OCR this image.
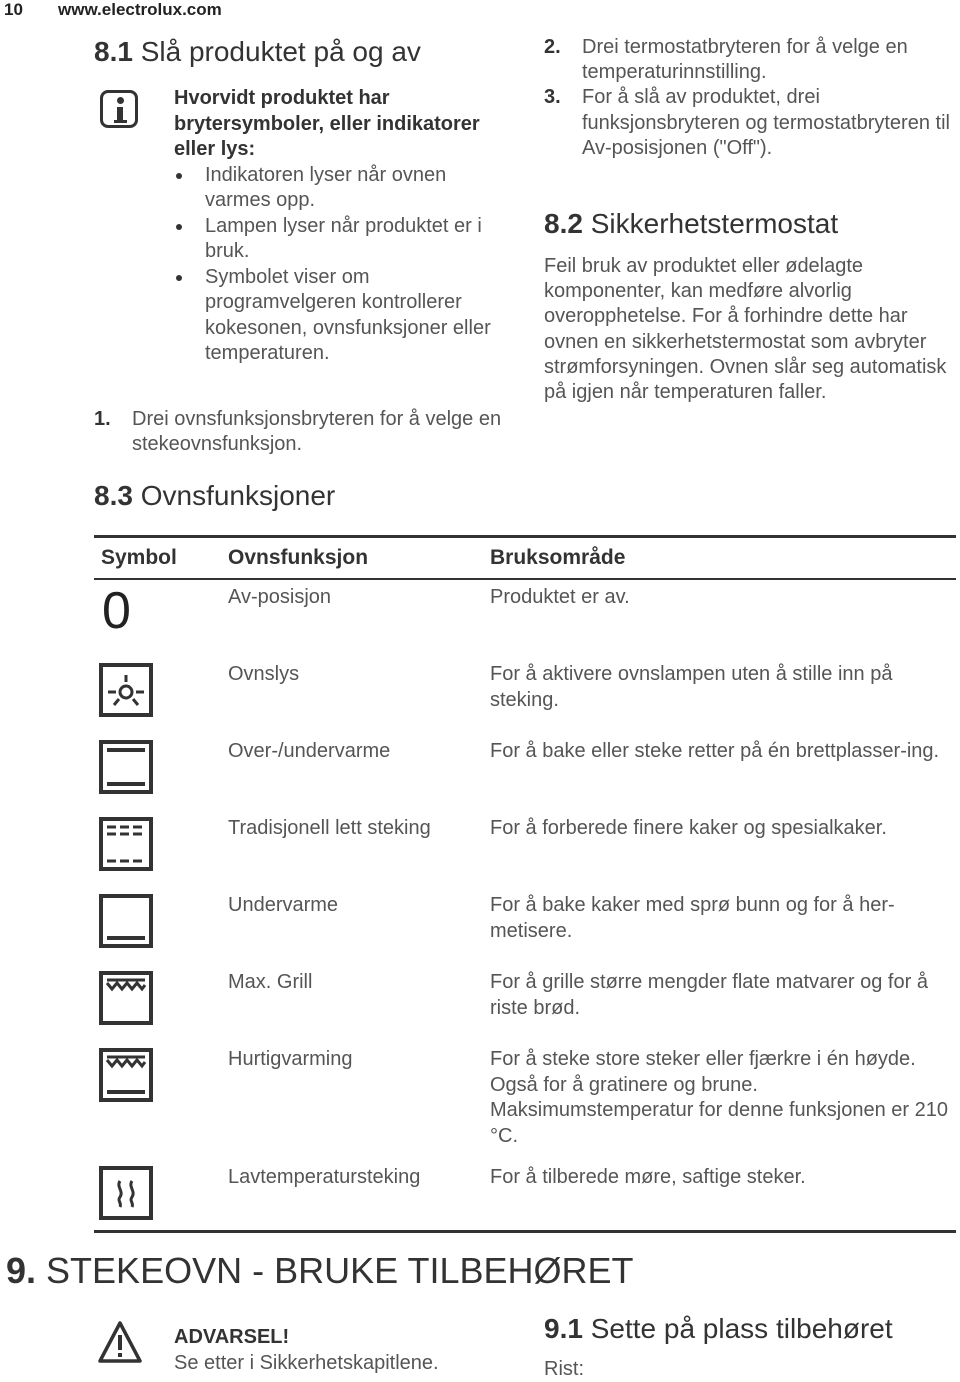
10 www.electrolux.com
8.1 Slå produktet på og av
Hvorvidt produktet har brytersymboler, eller indikatorer eller lys:
Indikatoren lyser når ovnen varmes opp.
Lampen lyser når produktet er i bruk.
Symbolet viser om programvelgeren kontrollerer kokesonen, ovnsfunksjoner eller temperaturen.
1. Drei ovnsfunksjonsbryteren for å velge en stekeovnsfunksjon.
2. Drei termostatbryteren for å velge en temperaturinnstilling.
3. For å slå av produktet, drei funksjonsbryteren og termostatbryteren til Av-posisjonen ("Off").
8.2 Sikkerhetstermostat
Feil bruk av produktet eller ødelagte komponenter, kan medføre alvorlig overopphetelse. For å forhindre dette har ovnen en sikkerhetstermostat som avbryter strømforsyningen. Ovnen slår seg automatisk på igjen når temperaturen faller.
8.3 Ovnsfunksjoner
Symbol Ovnsfunksjon	Bruksområde
0	Av-posisjon	Produktet er av.
Ovnslys	For å aktivere ovnslampen uten å stille inn på steking.
Over-/undervarme	For å bake eller steke retter på én brettplasser-ing.
Tradisjonell lett steking	For å forberede finere kaker og spesialkaker.
Undervarme	For å bake kaker med sprø bunn og for å her-metisere.
Max. Grill	For å grille større mengder flate matvarer og for å riste brød.
Hurtigvarming	For å steke store steker eller fjærkre i én høyde. Også for å gratinere og brune. Maksimumstemperatur for denne funksjonen er 210 °C.
Lavtemperatursteking	For å tilberede møre, saftige steker.
9. STEKEOVN - BRUKE TILBEHØRET
ADVARSEL!
Se etter i Sikkerhetskapitlene.
9.1 Sette på plass tilbehøret
Rist:
